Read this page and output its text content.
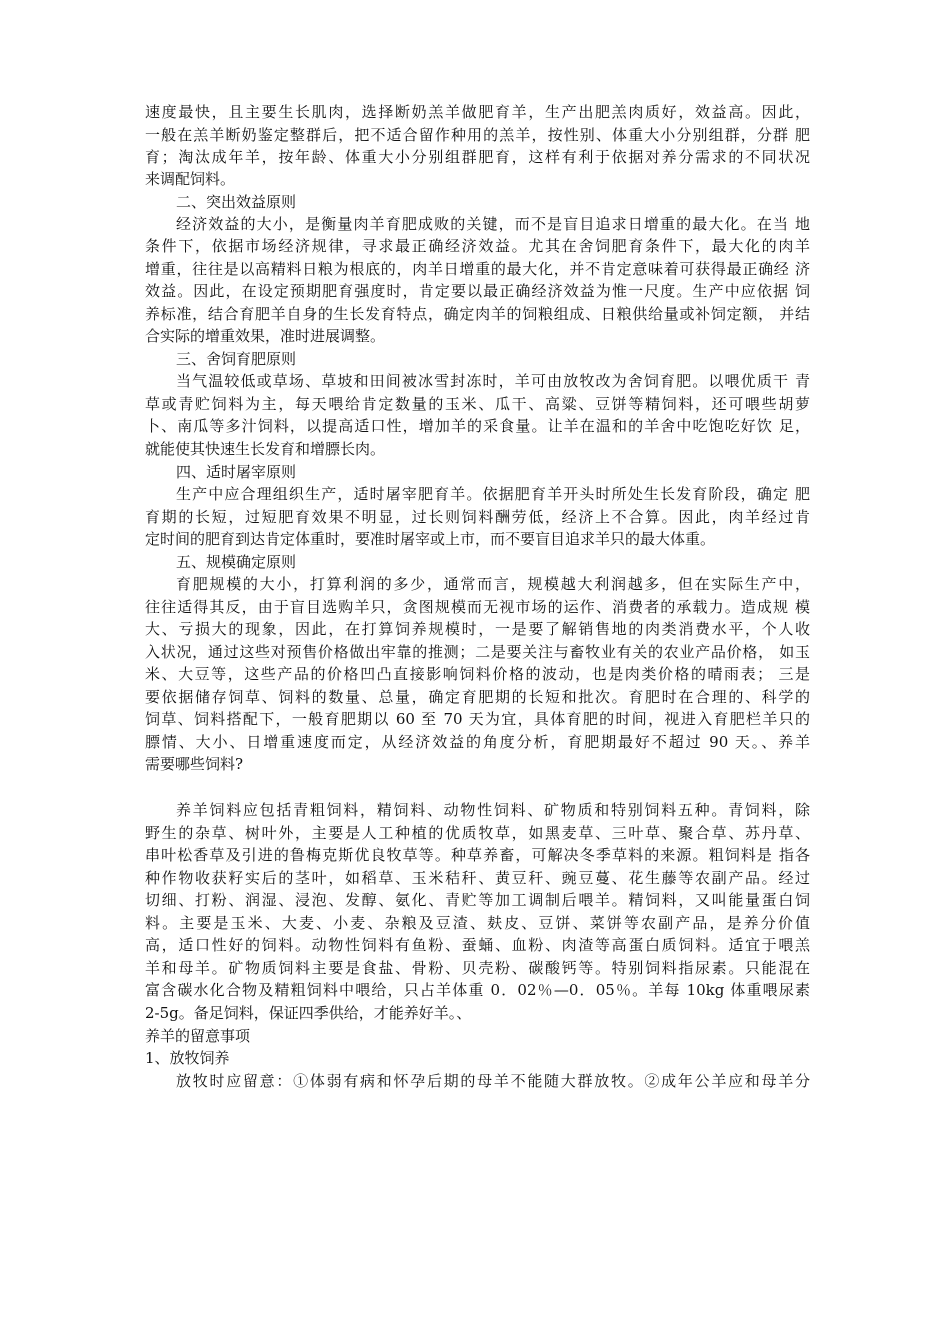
速度最快，且主要生长肌肉，选择断奶羔羊做肥育羊，生产出肥羔肉质好，效益高。因此，
一般在羔羊断奶鉴定整群后，把不适合留作种用的羔羊，按性别、体重大小分别组群，分群 肥
育；淘汰成年羊，按年龄、体重大小分别组群肥育，这样有利于依据对养分需求的不同状况
来调配饲料。
二、突出效益原则
经济效益的大小，是衡量肉羊育肥成败的关键，而不是盲目追求日增重的最大化。在当 地
条件下，依据市场经济规律，寻求最正确经济效益。尤其在舍饲肥育条件下，最大化的肉羊
增重，往往是以高精料日粮为根底的，肉羊日增重的最大化，并不肯定意味着可获得最正确经 济
效益。因此，在设定预期肥育强度时，肯定要以最正确经济效益为惟一尺度。生产中应依据 饲
养标准，结合育肥羊自身的生长发育特点，确定肉羊的饲粮组成、日粮供给量或补饲定额， 并结
合实际的增重效果，准时进展调整。
三、舍饲育肥原则
当气温较低或草场、草坡和田间被冰雪封冻时，羊可由放牧改为舍饲育肥。以喂优质干 青
草或青贮饲料为主，每天喂给肯定数量的玉米、瓜干、高粱、豆饼等精饲料，还可喂些胡萝
卜、南瓜等多汁饲料，以提高适口性，增加羊的采食量。让羊在温和的羊舍中吃饱吃好饮 足，
就能使其快速生长发育和增膘长肉。
四、适时屠宰原则
生产中应合理组织生产，适时屠宰肥育羊。依据肥育羊开头时所处生长发育阶段，确定 肥
育期的长短，过短肥育效果不明显，过长则饲料酬劳低，经济上不合算。因此，肉羊经过肯
定时间的肥育到达肯定体重时，要准时屠宰或上市，而不要盲目追求羊只的最大体重。
五、规模确定原则
育肥规模的大小，打算利润的多少，通常而言，规模越大利润越多，但在实际生产中，
往往适得其反，由于盲目选购羊只，贪图规模而无视市场的运作、消费者的承载力。造成规 模
大、亏损大的现象，因此，在打算饲养规模时，一是要了解销售地的肉类消费水平，个人收
入状况，通过这些对预售价格做出牢靠的推测；二是要关注与畜牧业有关的农业产品价格， 如玉
米、大豆等，这些产品的价格凹凸直接影响饲料价格的波动，也是肉类价格的晴雨表； 三是
要依据储存饲草、饲料的数量、总量，确定育肥期的长短和批次。育肥时在合理的、科学的
饲草、饲料搭配下，一般育肥期以 60 至 70 天为宜，具体育肥的时间，视进入育肥栏羊只的
膘情、大小、日增重速度而定，从经济效益的角度分析，育肥期最好不超过 90 天。、养羊
需要哪些饲料?
养羊饲料应包括青粗饲料，精饲料、动物性饲料、矿物质和特别饲料五种。青饲料，除
野生的杂草、树叶外，主要是人工种植的优质牧草，如黑麦草、三叶草、聚合草、苏丹草、
串叶松香草及引进的鲁梅克斯优良牧草等。种草养畜，可解决冬季草料的来源。粗饲料是 指各
种作物收获籽实后的茎叶，如稻草、玉米秸秆、黄豆秆、豌豆蔓、花生藤等农副产品。经过
切细、打粉、润湿、浸泡、发醇、氨化、青贮等加工调制后喂羊。精饲料，又叫能量蛋白饲
料。主要是玉米、大麦、小麦、杂粮及豆渣、麸皮、豆饼、菜饼等农副产品，是养分价值
高，适口性好的饲料。动物性饲料有鱼粉、蚕蛹、血粉、肉渣等高蛋白质饲料。适宜于喂羔
羊和母羊。矿物质饲料主要是食盐、骨粉、贝壳粉、碳酸钙等。特别饲料指尿素。只能混在
富含碳水化合物及精粗饲料中喂给，只占羊体重 0．02％—0．05％。羊每 10kg 体重喂尿素
2-5g。备足饲料，保证四季供给，才能养好羊。、
养羊的留意事项
1、放牧饲养
放牧时应留意：①体弱有病和怀孕后期的母羊不能随大群放牧。②成年公羊应和母羊分
